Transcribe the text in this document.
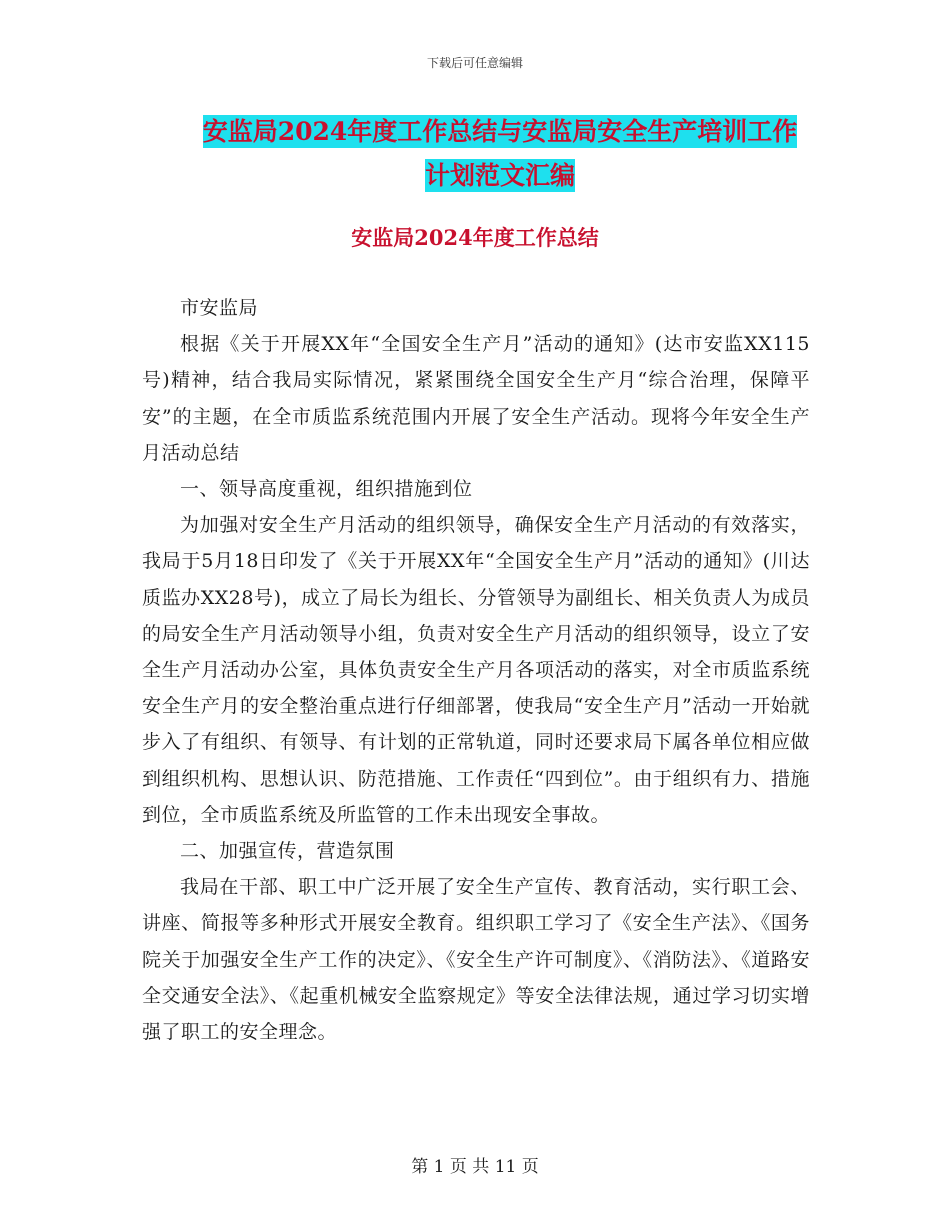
下载后可任意编辑
安监局2024年度工作总结与安监局安全生产培训工作
计划范文汇编
安监局2024年度工作总结

市安监局

根据《关于开展XX年“全国安全生产月”活动的通知》(达市安监XX115号)精神，结合我局实际情况，紧紧围绕全国安全生产月“综合治理，保障平安”的主题，在全市质监系统范围内开展了安全生产活动。现将今年安全生产月活动总结

一、领导高度重视，组织措施到位

为加强对安全生产月活动的组织领导，确保安全生产月活动的有效落实，我局于5月18日印发了《关于开展XX年“全国安全生产月”活动的通知》(川达质监办XX28号)，成立了局长为组长、分管领导为副组长、相关负责人为成员的局安全生产月活动领导小组，负责对安全生产月活动的组织领导，设立了安全生产月活动办公室，具体负责安全生产月各项活动的落实，对全市质监系统安全生产月的安全整治重点进行仔细部署，使我局“安全生产月”活动一开始就步入了有组织、有领导、有计划的正常轨道，同时还要求局下属各单位相应做到组织机构、思想认识、防范措施、工作责任“四到位”。由于组织有力、措施到位，全市质监系统及所监管的工作未出现安全事故。

二、加强宣传，营造氛围

我局在干部、职工中广泛开展了安全生产宣传、教育活动，实行职工会、讲座、简报等多种形式开展安全教育。组织职工学习了《安全生产法》、《国务院关于加强安全生产工作的决定》、《安全生产许可制度》、《消防法》、《道路安全交通安全法》、《起重机械安全监察规定》等安全法律法规，通过学习切实增强了职工的安全理念。

第 1 页 共 11 页
